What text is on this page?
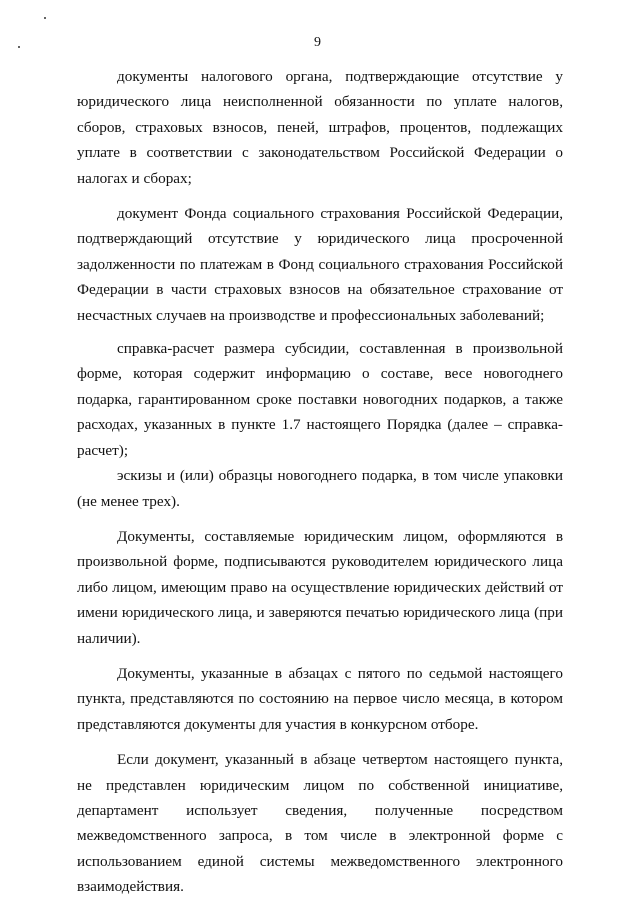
9

документы налогового органа, подтверждающие отсутствие у юридического лица неисполненной обязанности по уплате налогов, сборов, страховых взносов, пеней, штрафов, процентов, подлежащих уплате в соответствии с законодательством Российской Федерации о налогах и сборах;

документ Фонда социального страхования Российской Федерации, подтверждающий отсутствие у юридического лица просроченной задолженности по платежам в Фонд социального страхования Российской Федерации в части страховых взносов на обязательное страхование от несчастных случаев на производстве и профессиональных заболеваний;

справка-расчет размера субсидии, составленная в произвольной форме, которая содержит информацию о составе, весе новогоднего подарка, гарантированном сроке поставки новогодних подарков, а также расходах, указанных в пункте 1.7 настоящего Порядка (далее – справка-расчет);

эскизы и (или) образцы новогоднего подарка, в том числе упаковки (не менее трех).

Документы, составляемые юридическим лицом, оформляются в произвольной форме, подписываются руководителем юридического лица либо лицом, имеющим право на осуществление юридических действий от имени юридического лица, и заверяются печатью юридического лица (при наличии).

Документы, указанные в абзацах с пятого по седьмой настоящего пункта, представляются по состоянию на первое число месяца, в котором представляются документы для участия в конкурсном отборе.

Если документ, указанный в абзаце четвертом настоящего пункта, не представлен юридическим лицом по собственной инициативе, департамент использует сведения, полученные посредством межведомственного запроса, в том числе в электронной форме с использованием единой системы межведомственного электронного взаимодействия.
